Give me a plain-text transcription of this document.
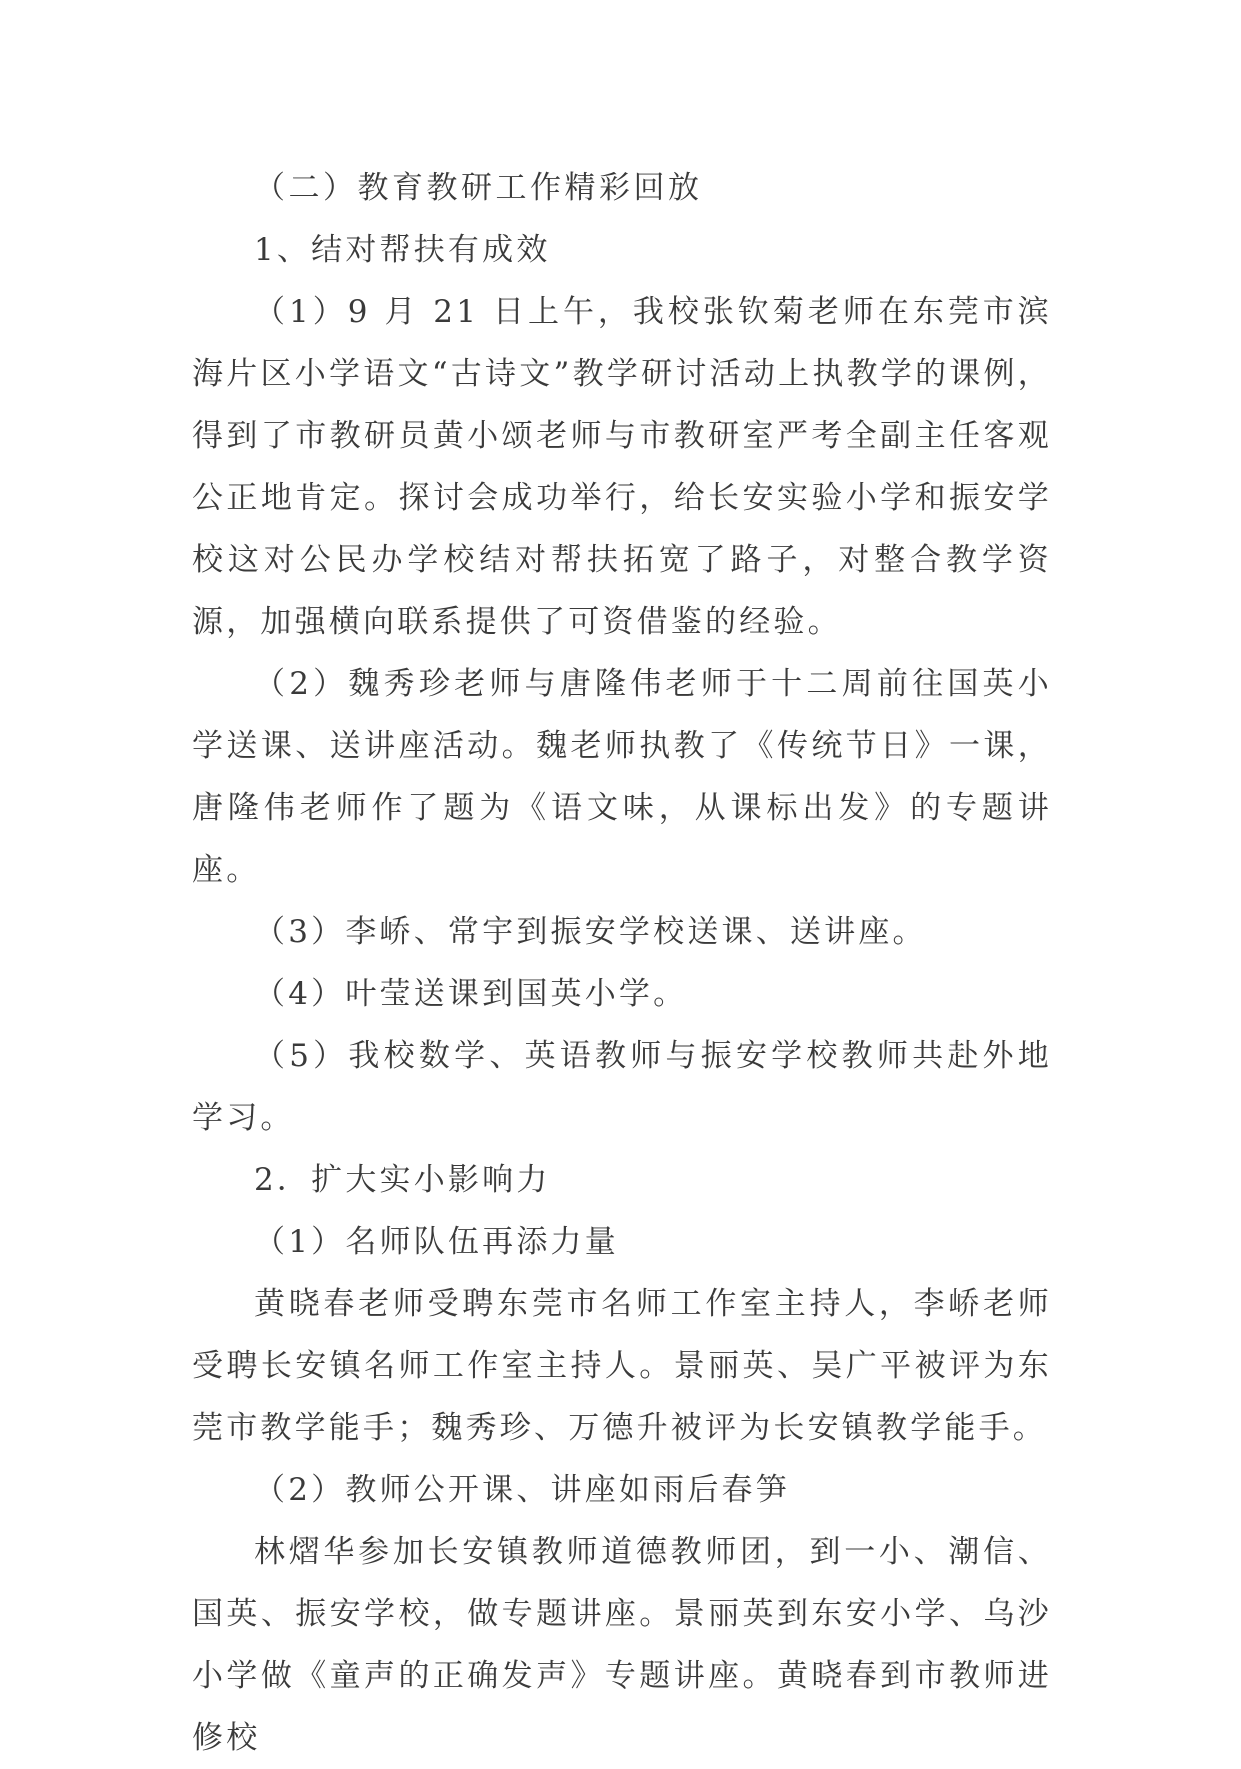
（二）教育教研工作精彩回放

1、结对帮扶有成效

（1）9 月 21 日上午，我校张钦菊老师在东莞市滨海片区小学语文“古诗文”教学研讨活动上执教学的课例，得到了市教研员黄小颂老师与市教研室严考全副主任客观公正地肯定。探讨会成功举行，给长安实验小学和振安学校这对公民办学校结对帮扶拓宽了路子，对整合教学资源，加强横向联系提供了可资借鉴的经验。

（2）魏秀珍老师与唐隆伟老师于十二周前往国英小学送课、送讲座活动。魏老师执教了《传统节日》一课，唐隆伟老师作了题为《语文味，从课标出发》的专题讲座。

（3）李峤、常宇到振安学校送课、送讲座。

（4）叶莹送课到国英小学。

（5）我校数学、英语教师与振安学校教师共赴外地学习。

2．扩大实小影响力

（1）名师队伍再添力量

黄晓春老师受聘东莞市名师工作室主持人，李峤老师受聘长安镇名师工作室主持人。景丽英、吴广平被评为东莞市教学能手；魏秀珍、万德升被评为长安镇教学能手。

（2）教师公开课、讲座如雨后春笋

林熠华参加长安镇教师道德教师团，到一小、潮信、国英、振安学校，做专题讲座。景丽英到东安小学、乌沙小学做《童声的正确发声》专题讲座。黄晓春到市教师进修校
